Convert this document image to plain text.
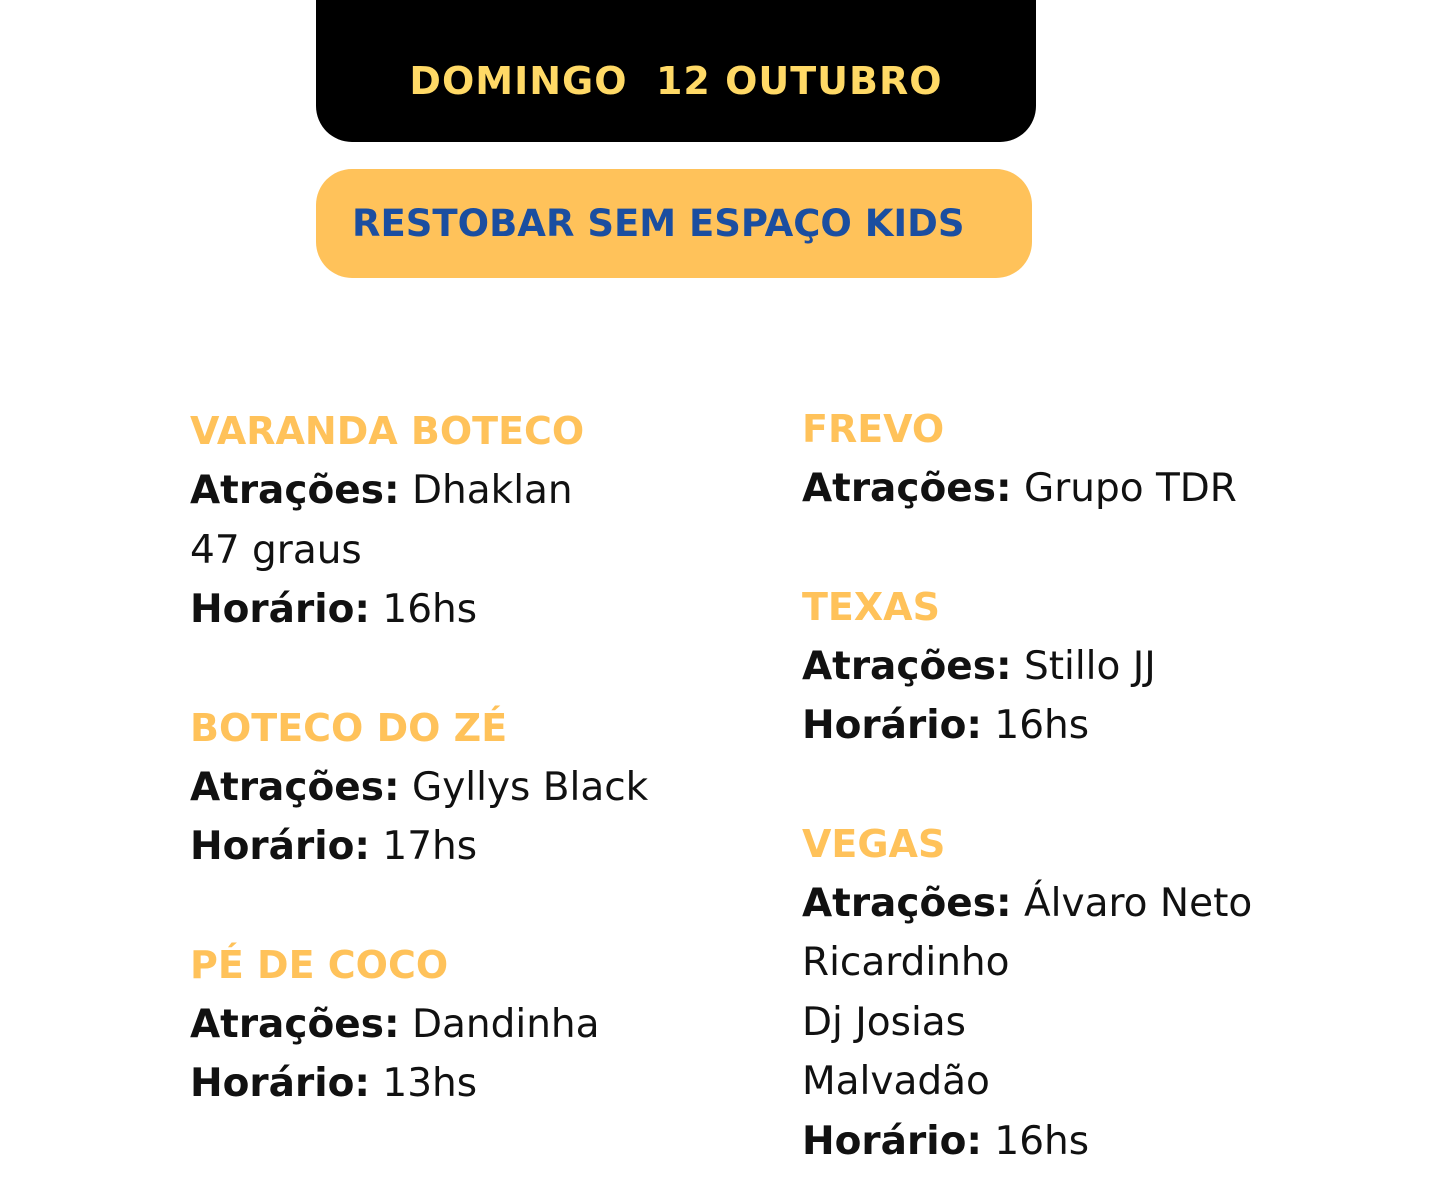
DOMINGO  12 OUTUBRO
RESTOBAR SEM ESPAÇO KIDS
VARANDA BOTECO
Atrações: Dhaklan
47 graus
Horário: 16hs
BOTECO DO ZÉ
Atrações: Gyllys Black
Horário: 17hs
PÉ DE COCO
Atrações: Dandinha
Horário: 13hs
FREVO
Atrações: Grupo TDR
TEXAS
Atrações: Stillo JJ
Horário: 16hs
VEGAS
Atrações: Álvaro Neto
Ricardinho
Dj Josias
Malvadão
Horário: 16hs
